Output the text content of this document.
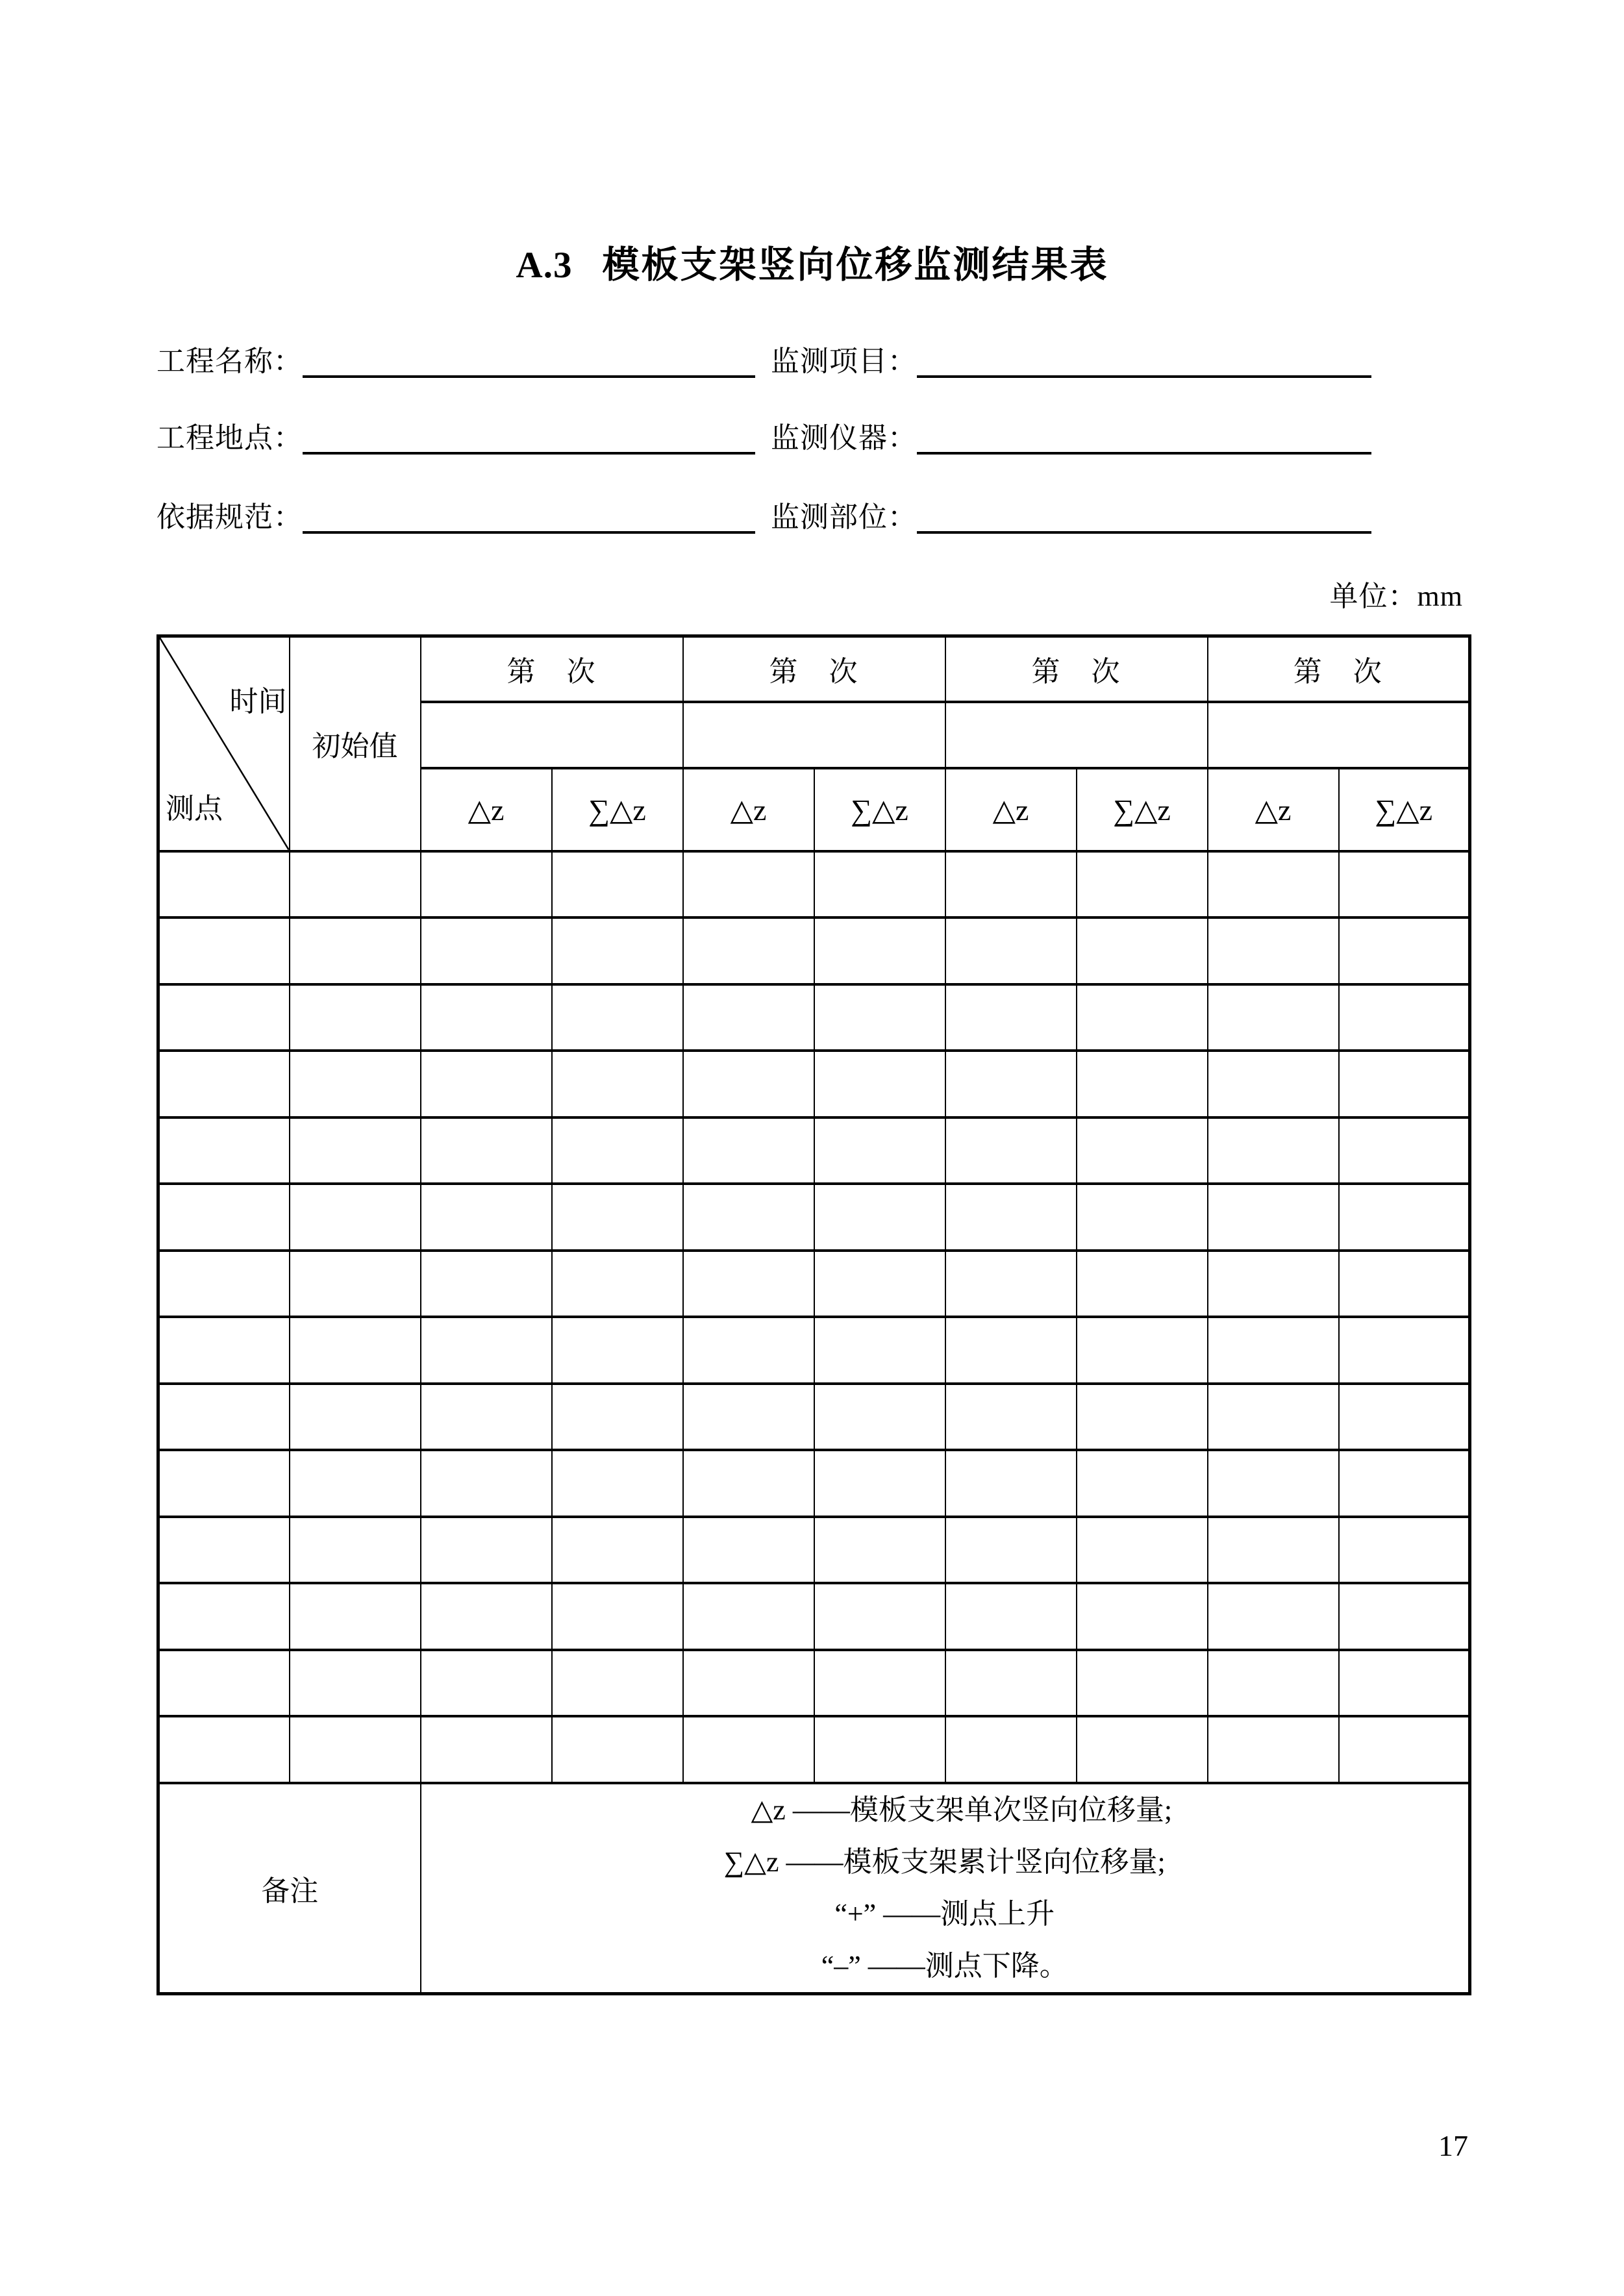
A.3 模板支架竖向位移监测结果表
工程名称：	监测项目：
工程地点：	监测仪器：
依据规范：	监测部位：
单位：mm
时间
测点	初始值	第　次		第　次		第　次		第　次	

		△z	∑△z	△z	∑△z	△z	∑△z	△z	∑△z

备注		△z ——模板支架单次竖向位移量;
∑△z ——模板支架累计竖向位移量;
“+” ——测点上升
“–” ——测点下降。							
17
